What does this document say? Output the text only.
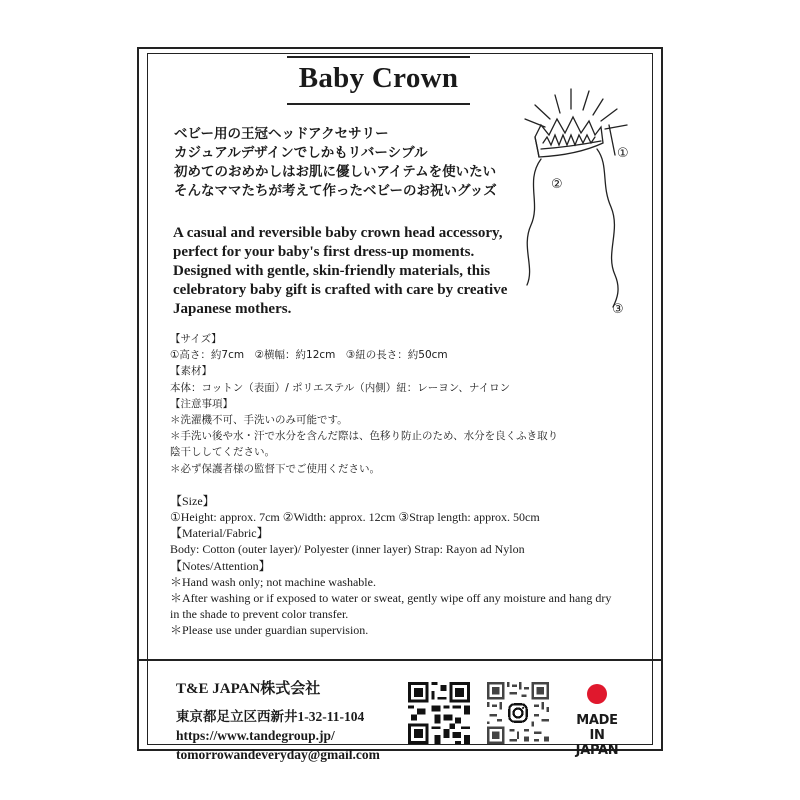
Baby Crown
ベビー用の王冠ヘッドアクセサリー
カジュアルデザインでしかもリバーシブル
初めてのおめかしはお肌に優しいアイテムを使いたい
そんなママたちが考えて作ったベビーのお祝いグッズ
A casual and reversible baby crown head accessory,
perfect for your baby's first dress-up moments.
Designed with gentle, skin-friendly materials, this
celebratory baby gift is crafted with care by creative
Japanese mothers.
①
②
③
【サイズ】
①高さ：約7cm　②横幅：約12cm　③紐の長さ：約50cm
【素材】
本体：コットン（表面）/ ポリエステル（内側）紐：レーヨン、ナイロン
【注意事項】
＊洗濯機不可、手洗いのみ可能です。
＊手洗い後や水・汗で水分を含んだ際は、色移り防止のため、水分を良くふき取り
陰干ししてください。
＊必ず保護者様の監督下でご使用ください。
【Size】
①Height: approx. 7cm ②Width: approx. 12cm ③Strap length: approx. 50cm
【Material/Fabric】
Body: Cotton (outer layer)/ Polyester (inner layer) Strap: Rayon ad Nylon
【Notes/Attention】
＊Hand wash only; not machine washable.
＊After washing or if exposed to water or sweat, gently wipe off any moisture and hang dry
in the shade to prevent color transfer.
＊Please use under guardian supervision.
T&E JAPAN株式会社
東京都足立区西新井1-32-11-104
https://www.tandegroup.jp/
tomorrowandeveryday@gmail.com
MADE IN
JAPAN
